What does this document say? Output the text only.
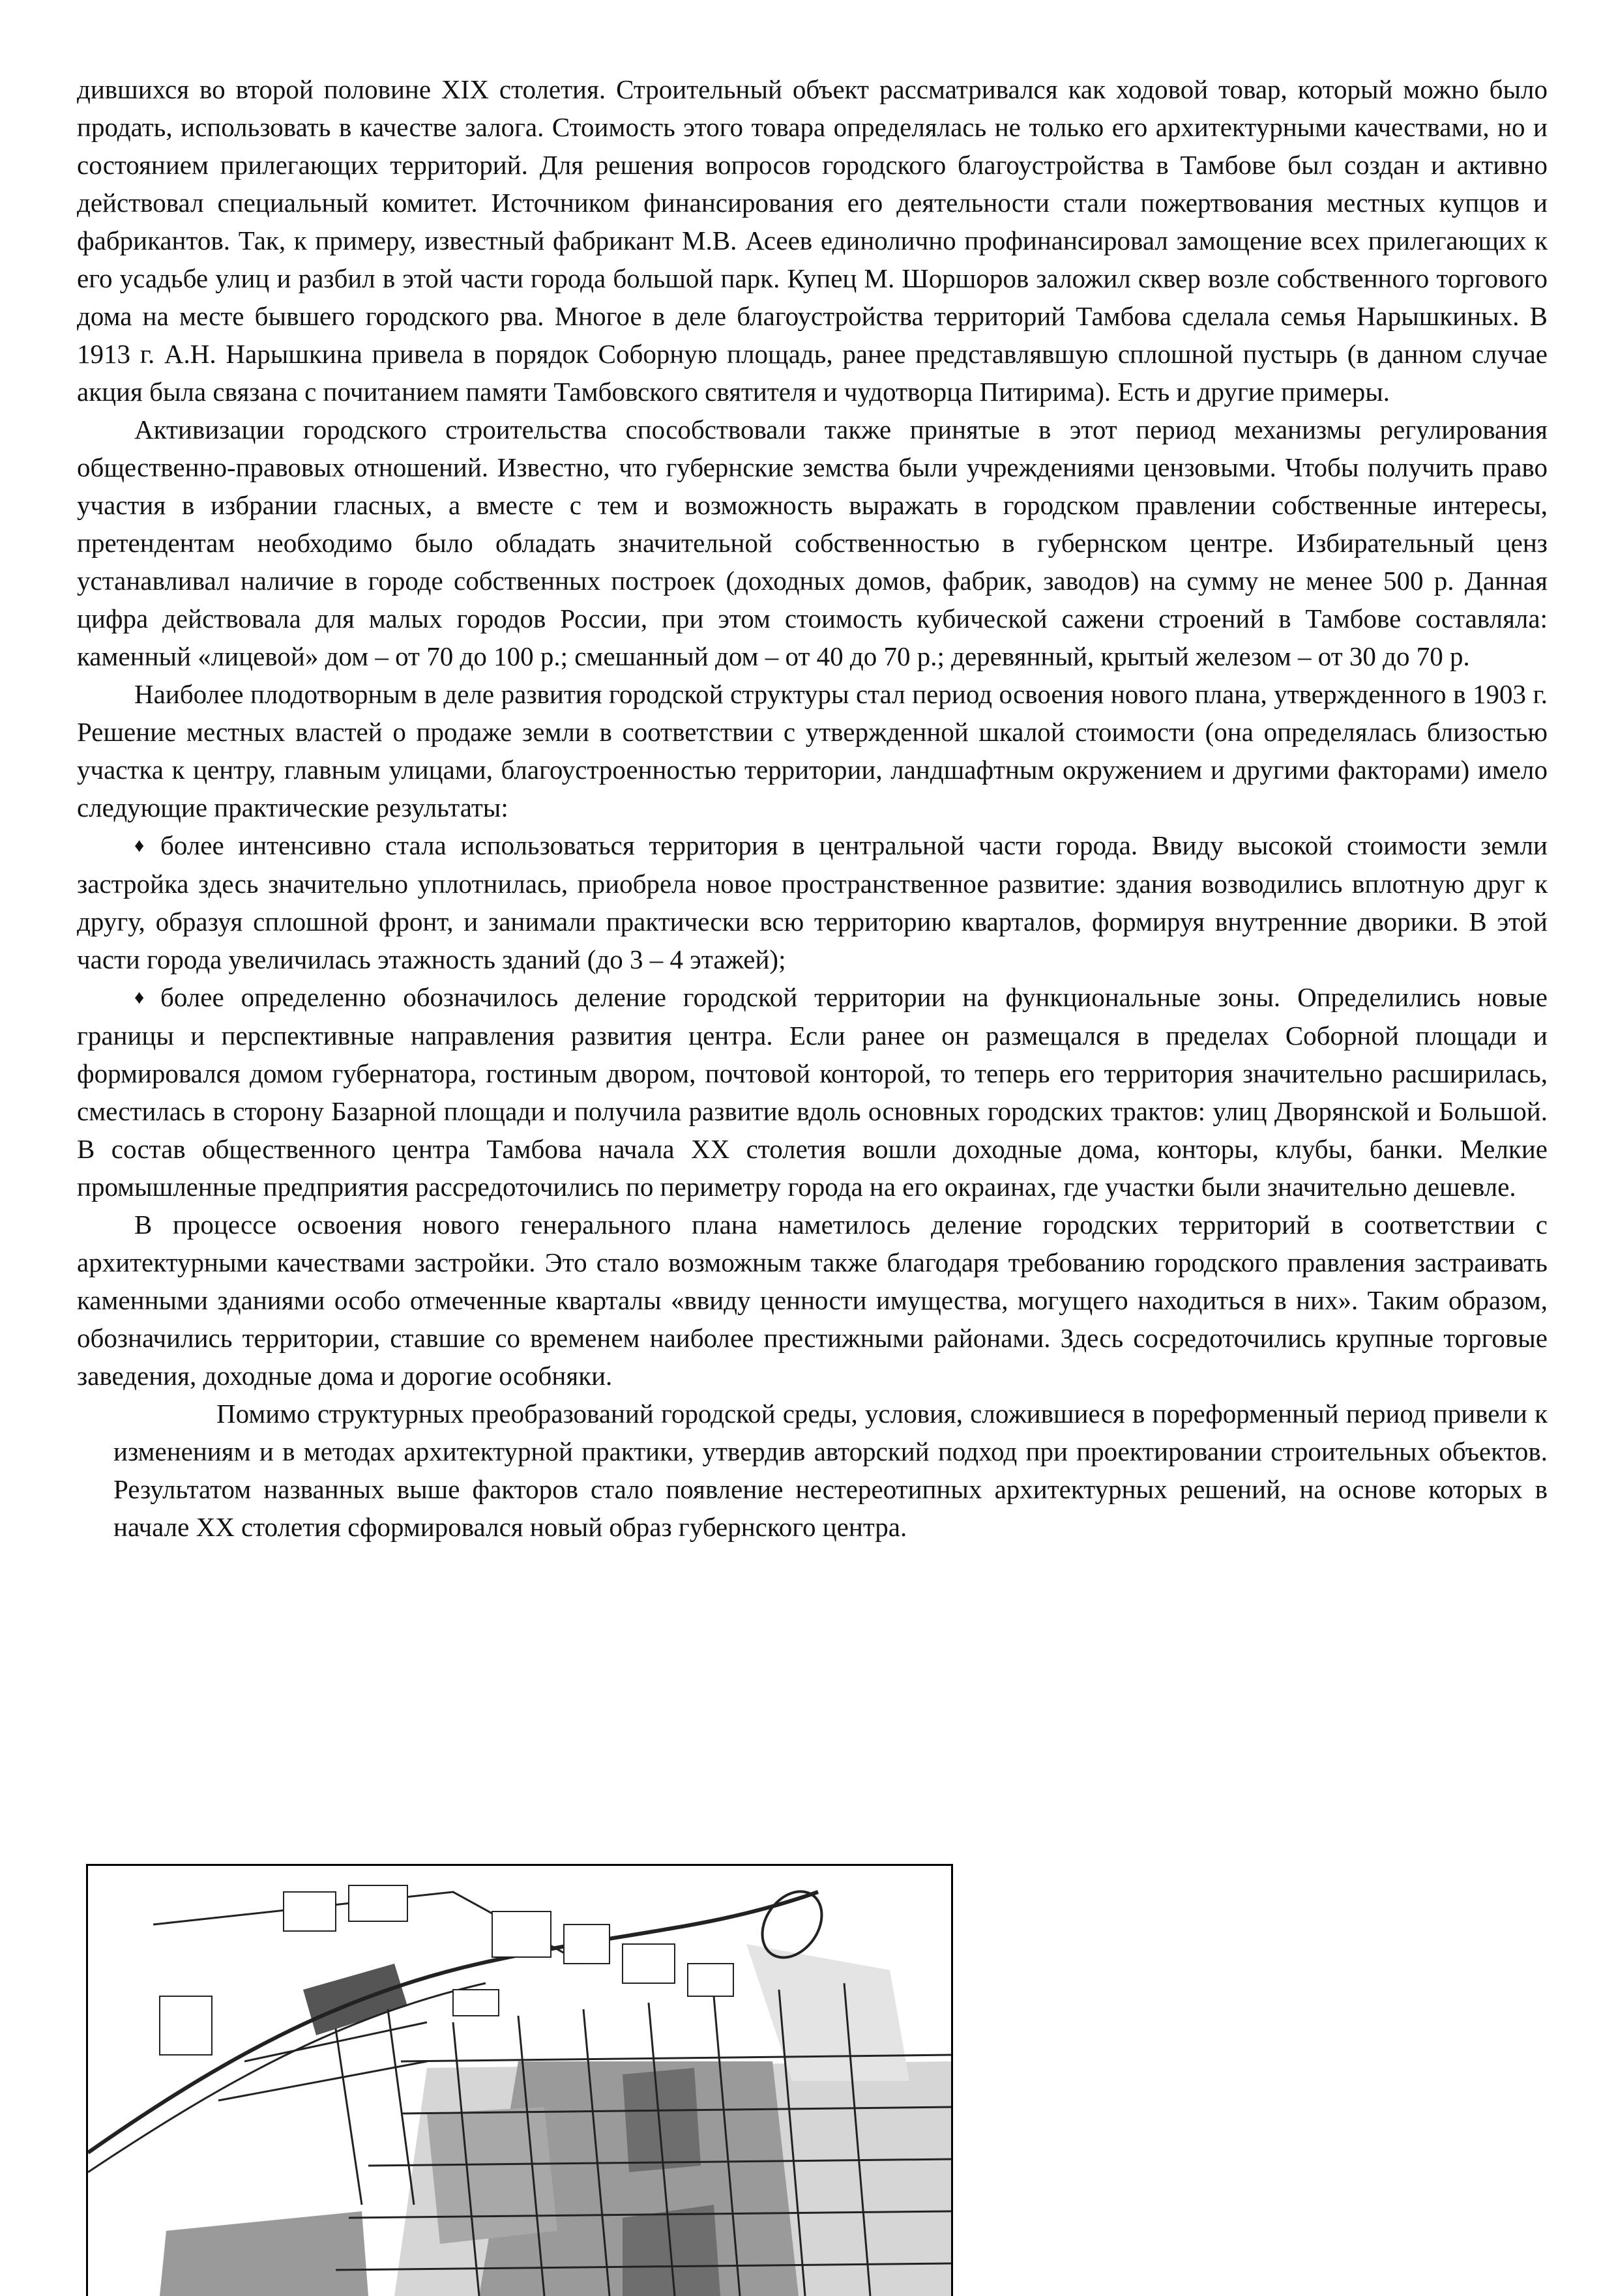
дившихся во второй половине XIX столетия. Строительный объект рассматривался как ходовой товар, который можно было продать, использовать в качестве залога. Стоимость этого товара определялась не только его архитектурными качествами, но и состоянием прилегающих территорий. Для решения вопросов городского благоустройства в Тамбове был создан и активно действовал специальный комитет. Источником финансирования его деятельности стали пожертвования местных купцов и фабрикантов. Так, к примеру, известный фабрикант М.В. Асеев единолично профинансировал замощение всех прилегающих к его усадьбе улиц и разбил в этой части города большой парк. Купец М. Шоршоров заложил сквер возле собственного торгового дома на месте бывшего городского рва. Многое в деле благоустройства территорий Тамбова сделала семья Нарышкиных. В 1913 г. А.Н. Нарышкина привела в порядок Соборную площадь, ранее представлявшую сплошной пустырь (в данном случае акция была связана с почитанием памяти Тамбовского святителя и чудотворца Питирима). Есть и другие примеры.

Активизации городского строительства способствовали также принятые в этот период механизмы регулирования общественно-правовых отношений. Известно, что губернские земства были учреждениями цензовыми. Чтобы получить право участия в избрании гласных, а вместе с тем и возможность выражать в городском правлении собственные интересы, претендентам необходимо было обладать значительной собственностью в губернском центре. Избирательный ценз устанавливал наличие в городе собственных построек (доходных домов, фабрик, заводов) на сумму не менее 500 р. Данная цифра действовала для малых городов России, при этом стоимость кубической сажени строений в Тамбове составляла: каменный «лицевой» дом – от 70 до 100 р.; смешанный дом – от 40 до 70 р.; деревянный, крытый железом – от 30 до 70 р.

Наиболее плодотворным в деле развития городской структуры стал период освоения нового плана, утвержденного в 1903 г. Решение местных властей о продаже земли в соответствии с утвержденной шкалой стоимости (она определялась близостью участка к центру, главным улицами, благоустроенностью территории, ландшафтным окружением и другими факторами) имело следующие практические результаты:

♦ более интенсивно стала использоваться территория в центральной части города. Ввиду высокой стоимости земли застройка здесь значительно уплотнилась, приобрела новое пространственное развитие: здания возводились вплотную друг к другу, образуя сплошной фронт, и занимали практически всю территорию кварталов, формируя внутренние дворики. В этой части города увеличилась этажность зданий (до 3 – 4 этажей);

♦ более определенно обозначилось деление городской территории на функциональные зоны. Определились новые границы и перспективные направления развития центра. Если ранее он размещался в пределах Соборной площади и формировался домом губернатора, гостиным двором, почтовой конторой, то теперь его территория значительно расширилась, сместилась в сторону Базарной площади и получила развитие вдоль основных городских трактов: улиц Дворянской и Большой. В состав общественного центра Тамбова начала XX столетия вошли доходные дома, конторы, клубы, банки. Мелкие промышленные предприятия рассредоточились по периметру города на его окраинах, где участки были значительно дешевле.

В процессе освоения нового генерального плана наметилось деление городских территорий в соответствии с архитектурными качествами застройки. Это стало возможным также благодаря требованию городского правления застраивать каменными зданиями особо отмеченные кварталы «ввиду ценности имущества, могущего находиться в них». Таким образом, обозначились территории, ставшие со временем наиболее престижными районами. Здесь сосредоточились крупные торговые заведения, доходные дома и дорогие особняки.

Помимо структурных преобразований городской среды, условия, сложившиеся в пореформенный период привели к изменениям и в методах архитектурной практики, утвердив авторский подход при проектировании строительных объектов. Результатом названных выше факторов стало появление нестереотипных архитектурных решений, на основе которых в начале XX столетия сформировался новый образ губернского центра.
